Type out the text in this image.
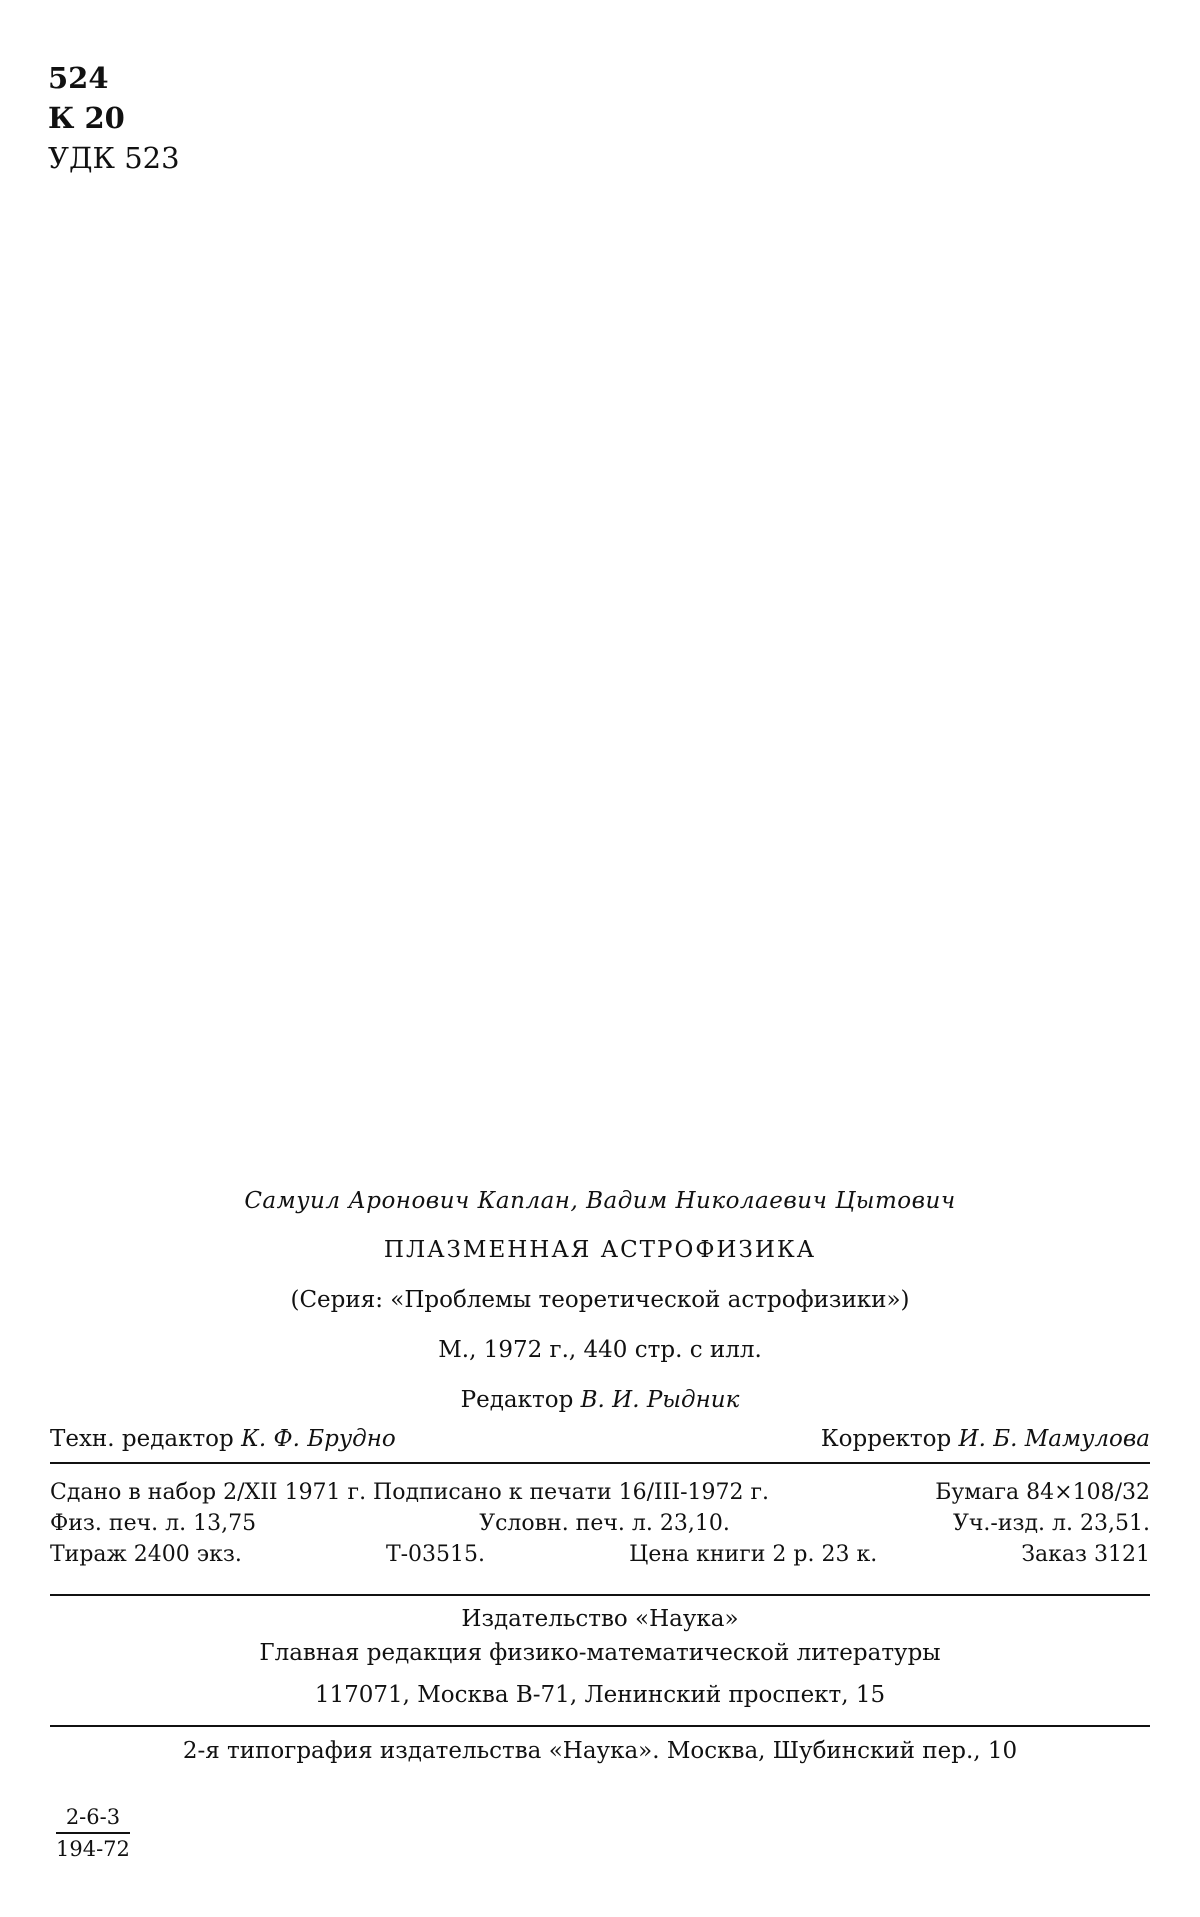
524
К 20
УДК 523
Самуил Аронович Каплан, Вадим Николаевич Цытович
ПЛАЗМЕННАЯ АСТРОФИЗИКА
(Серия: «Проблемы теоретической астрофизики»)
М., 1972 г., 440 стр. с илл.
Редактор В. И. Рыдник
Техн. редактор К. Ф. Брудно	Корректор И. Б. Мамулова
Сдано в набор 2/XII 1971 г. Подписано к печати 16/III-1972 г.	Бумага 84×108/32
Физ. печ. л. 13,75	Условн. печ. л. 23,10.	Уч.-изд. л. 23,51.
Тираж 2400 экз.	Т-03515.	Цена книги 2 р. 23 к.	Заказ 3121
Издательство «Наука»
Главная редакция физико-математической литературы
117071, Москва В-71, Ленинский проспект, 15
2-я типография издательства «Наука». Москва, Шубинский пер., 10
$\frac{2-6-3}{194-72}$
